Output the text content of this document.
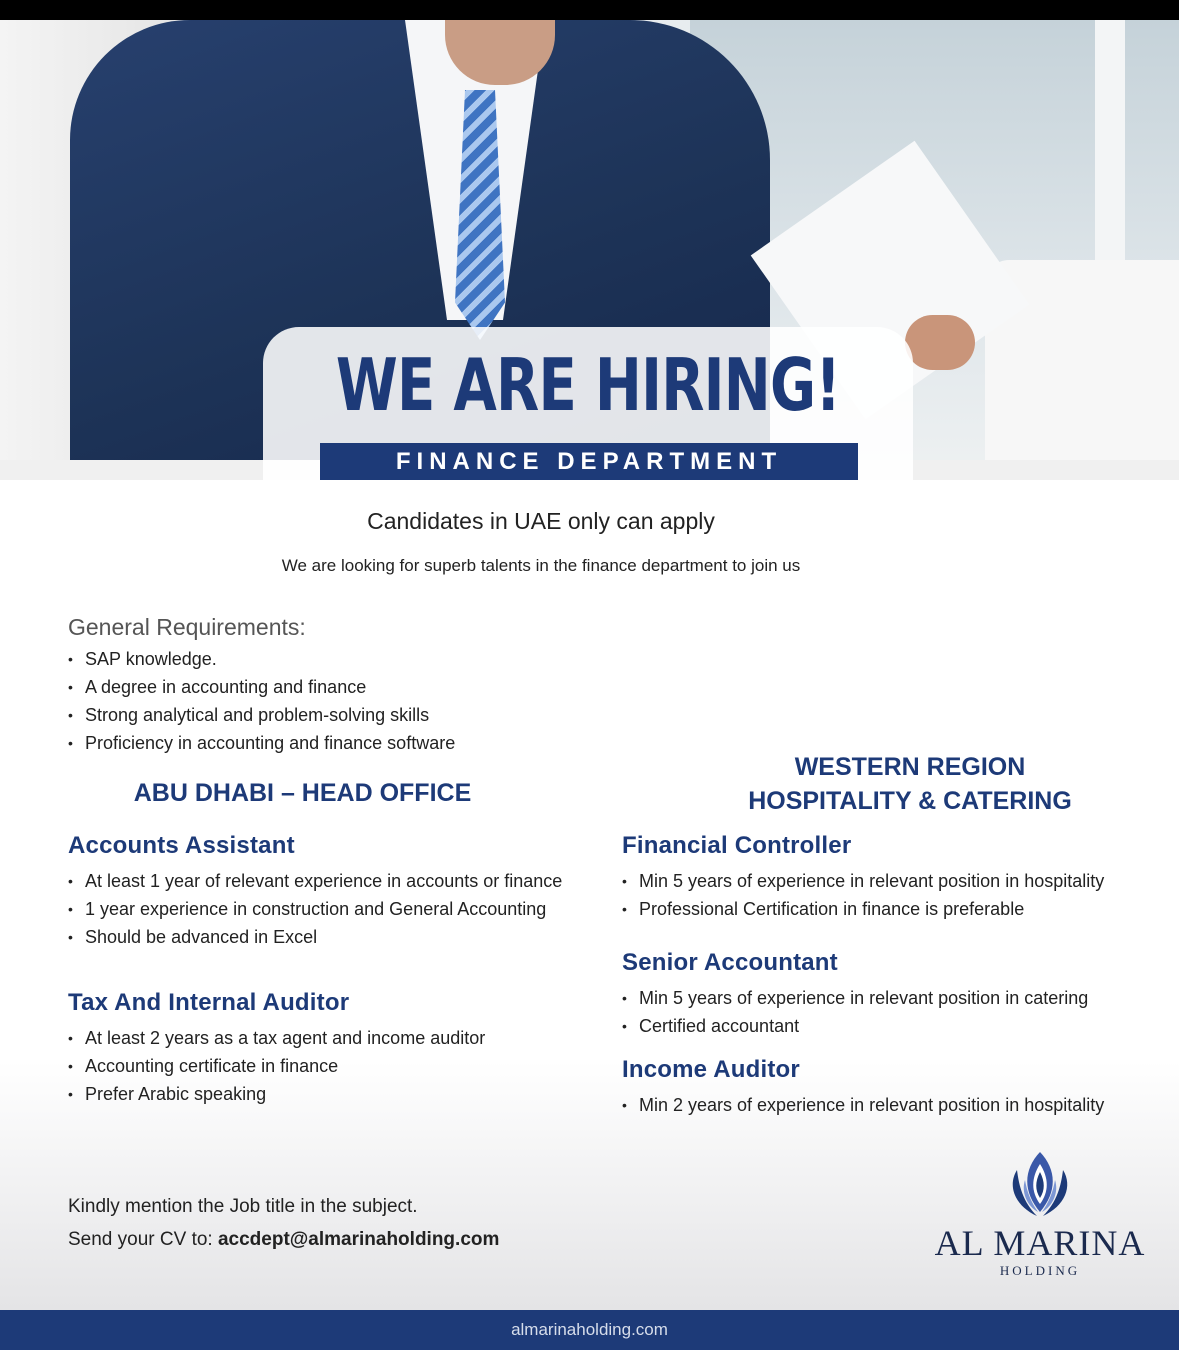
WE ARE HIRING!
FINANCE DEPARTMENT
Candidates in UAE only can apply
We are looking for superb talents in the finance department to join us
General Requirements:
• SAP knowledge.
• A degree in accounting and finance
• Strong analytical and problem-solving skills
• Proficiency in accounting and finance software
ABU DHABI – HEAD OFFICE
WESTERN REGION
HOSPITALITY & CATERING
Accounts Assistant
• At least 1 year of relevant experience in accounts or finance
• 1 year experience in construction and General Accounting
• Should be advanced in Excel
Tax And Internal Auditor
• At least 2 years as a tax agent and income auditor
• Accounting certificate in finance
• Prefer Arabic speaking
Financial Controller
• Min 5 years of experience in relevant position in hospitality
• Professional Certification in finance is preferable
Senior Accountant
• Min 5 years of experience in relevant position in catering
• Certified accountant
Income Auditor
• Min 2 years of experience in relevant position in hospitality

Kindly mention the Job title in the subject.

Send your CV to: accdept@almarinaholding.com	AL MARINA
HOLDING
almarinaholding.com
